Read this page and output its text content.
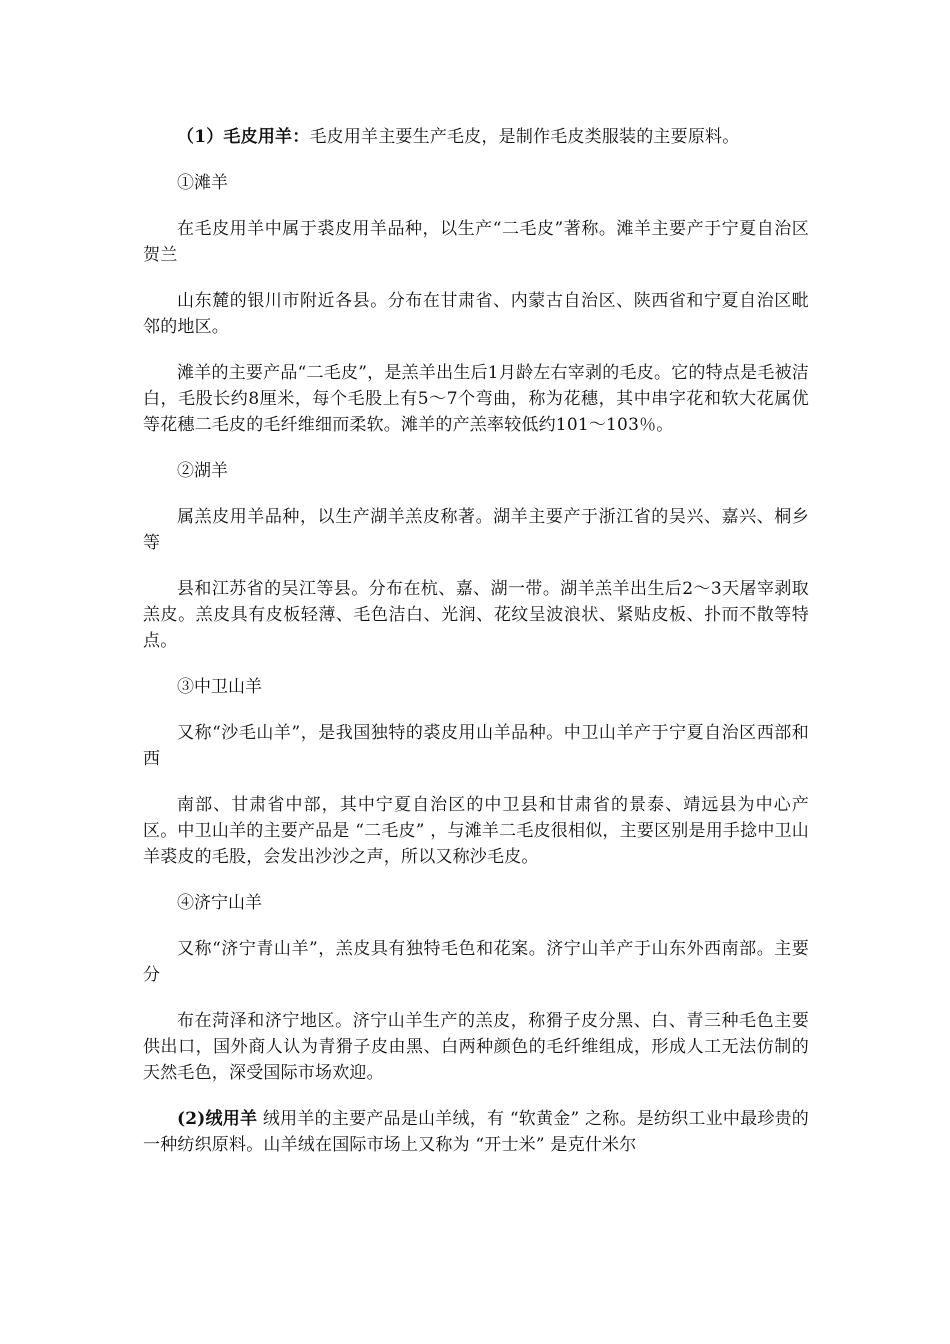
（1）毛皮用羊：毛皮用羊主要生产毛皮，是制作毛皮类服装的主要原料。

①滩羊

在毛皮用羊中属于裘皮用羊品种，以生产“二毛皮”著称。滩羊主要产于宁夏自治区贺兰

山东麓的银川市附近各县。分布在甘肃省、内蒙古自治区、陕西省和宁夏自治区毗邻的地区。

滩羊的主要产品“二毛皮”，是羔羊出生后1月龄左右宰剥的毛皮。它的特点是毛被洁白，毛股长约8厘米，每个毛股上有5～7个弯曲，称为花穗，其中串字花和软大花属优等花穗二毛皮的毛纤维细而柔软。滩羊的产羔率较低约101～103％。

②湖羊

属羔皮用羊品种，以生产湖羊羔皮称著。湖羊主要产于浙江省的吴兴、嘉兴、桐乡等

县和江苏省的吴江等县。分布在杭、嘉、湖一带。湖羊羔羊出生后2～3天屠宰剥取羔皮。羔皮具有皮板轻薄、毛色洁白、光润、花纹呈波浪状、紧贴皮板、扑而不散等特点。

③中卫山羊

又称“沙毛山羊”，是我国独特的裘皮用山羊品种。中卫山羊产于宁夏自治区西部和西

南部、甘肃省中部，其中宁夏自治区的中卫县和甘肃省的景泰、靖远县为中心产区。中卫山羊的主要产品是 “二毛皮” ，与滩羊二毛皮很相似，主要区别是用手捻中卫山羊裘皮的毛股，会发出沙沙之声，所以又称沙毛皮。

④济宁山羊

又称“济宁青山羊”，羔皮具有独特毛色和花案。济宁山羊产于山东外西南部。主要分

布在菏泽和济宁地区。济宁山羊生产的羔皮，称猾子皮分黑、白、青三种毛色主要供出口，国外商人认为青猾子皮由黑、白两种颜色的毛纤维组成，形成人工无法仿制的天然毛色，深受国际市场欢迎。

(2)绒用羊 绒用羊的主要产品是山羊绒，有 “软黄金” 之称。是纺织工业中最珍贵的一种纺织原料。山羊绒在国际市场上又称为 “开士米” 是克什米尔
